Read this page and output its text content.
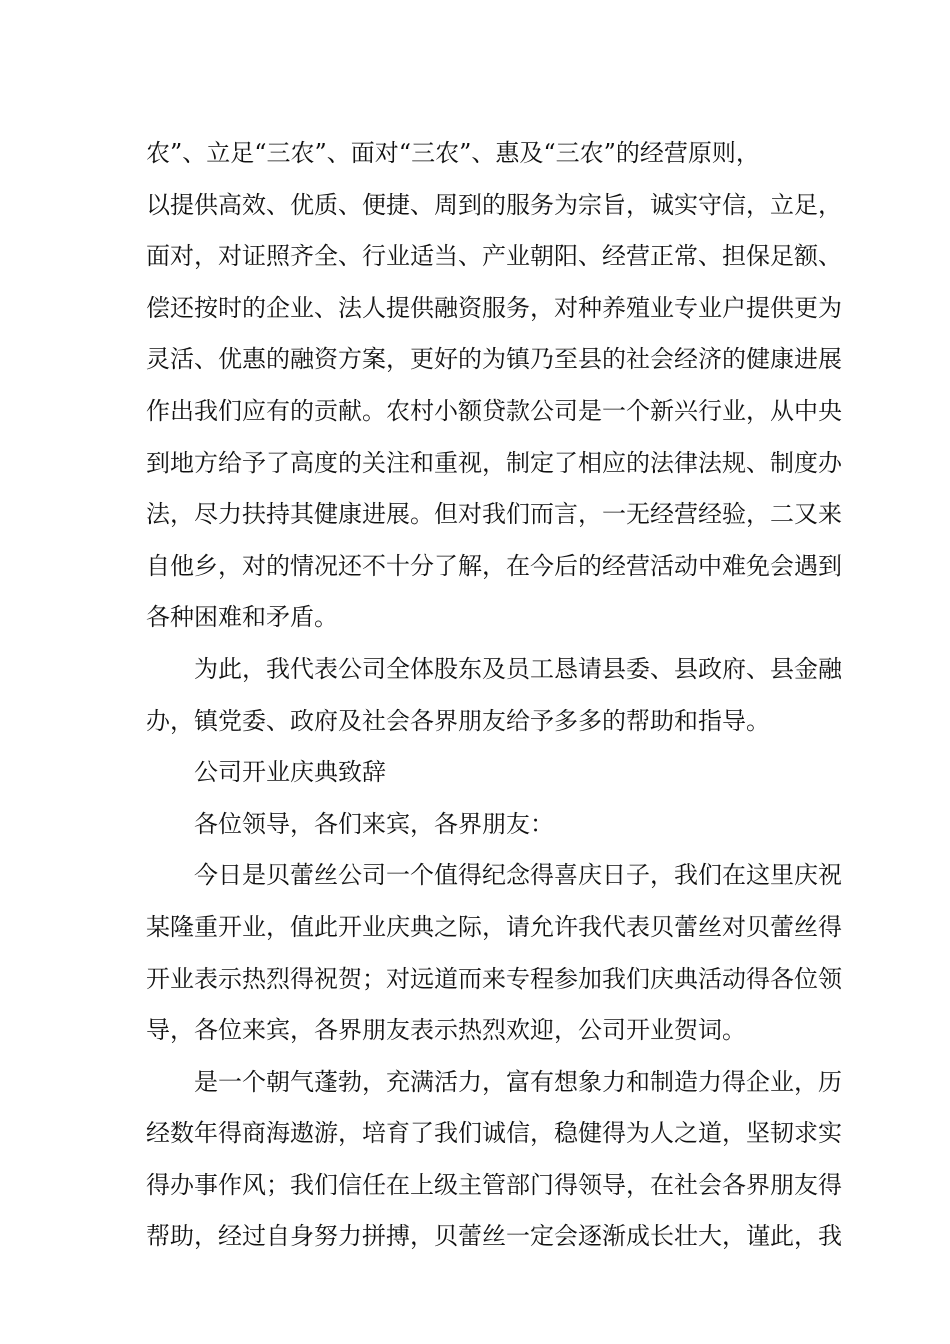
农”、立足“三农”、面对“三农”、惠及“三农”的经营原则，
以提供高效、优质、便捷、周到的服务为宗旨，诚实守信，立足，
面对，对证照齐全、行业适当、产业朝阳、经营正常、担保足额、
偿还按时的企业、法人提供融资服务，对种养殖业专业户提供更为
灵活、优惠的融资方案，更好的为镇乃至县的社会经济的健康进展
作出我们应有的贡献。农村小额贷款公司是一个新兴行业，从中央
到地方给予了高度的关注和重视，制定了相应的法律法规、制度办
法，尽力扶持其健康进展。但对我们而言，一无经营经验，二又来
自他乡，对的情况还不十分了解，在今后的经营活动中难免会遇到
各种困难和矛盾。
为此，我代表公司全体股东及员工恳请县委、县政府、县金融
办，镇党委、政府及社会各界朋友给予多多的帮助和指导。
公司开业庆典致辞
各位领导，各们来宾，各界朋友：
今日是贝蕾丝公司一个值得纪念得喜庆日子，我们在这里庆祝
某隆重开业，值此开业庆典之际，请允许我代表贝蕾丝对贝蕾丝得
开业表示热烈得祝贺；对远道而来专程参加我们庆典活动得各位领
导，各位来宾，各界朋友表示热烈欢迎，公司开业贺词。
是一个朝气蓬勃，充满活力，富有想象力和制造力得企业，历
经数年得商海遨游，培育了我们诚信，稳健得为人之道，坚韧求实
得办事作风；我们信任在上级主管部门得领导，在社会各界朋友得
帮助，经过自身努力拼搏，贝蕾丝一定会逐渐成长壮大，谨此，我
